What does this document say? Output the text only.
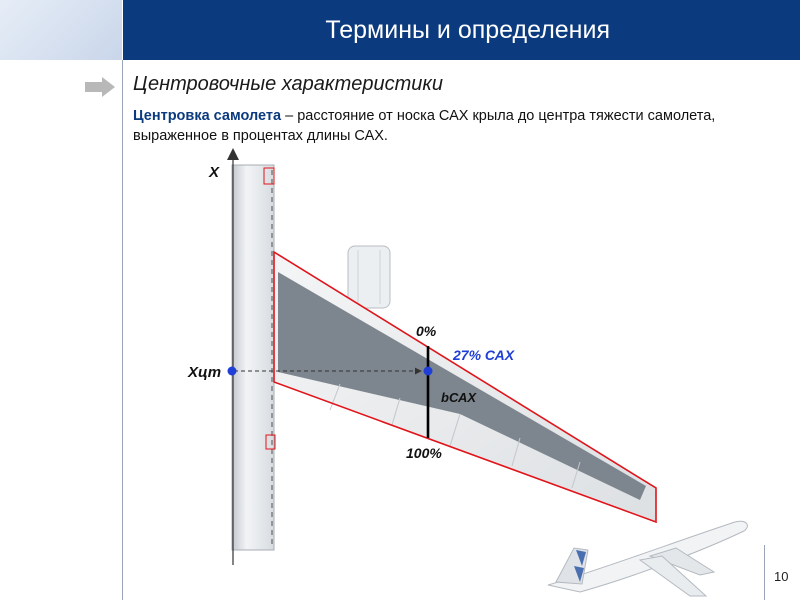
Термины и определения
Центровочные характеристики
Центровка самолета – расстояние от носка САХ крыла до центра тяжести самолета,
выраженное в процентах длины САХ.
X
Xцт
0%
100%
bСАХ
27% САХ
10
